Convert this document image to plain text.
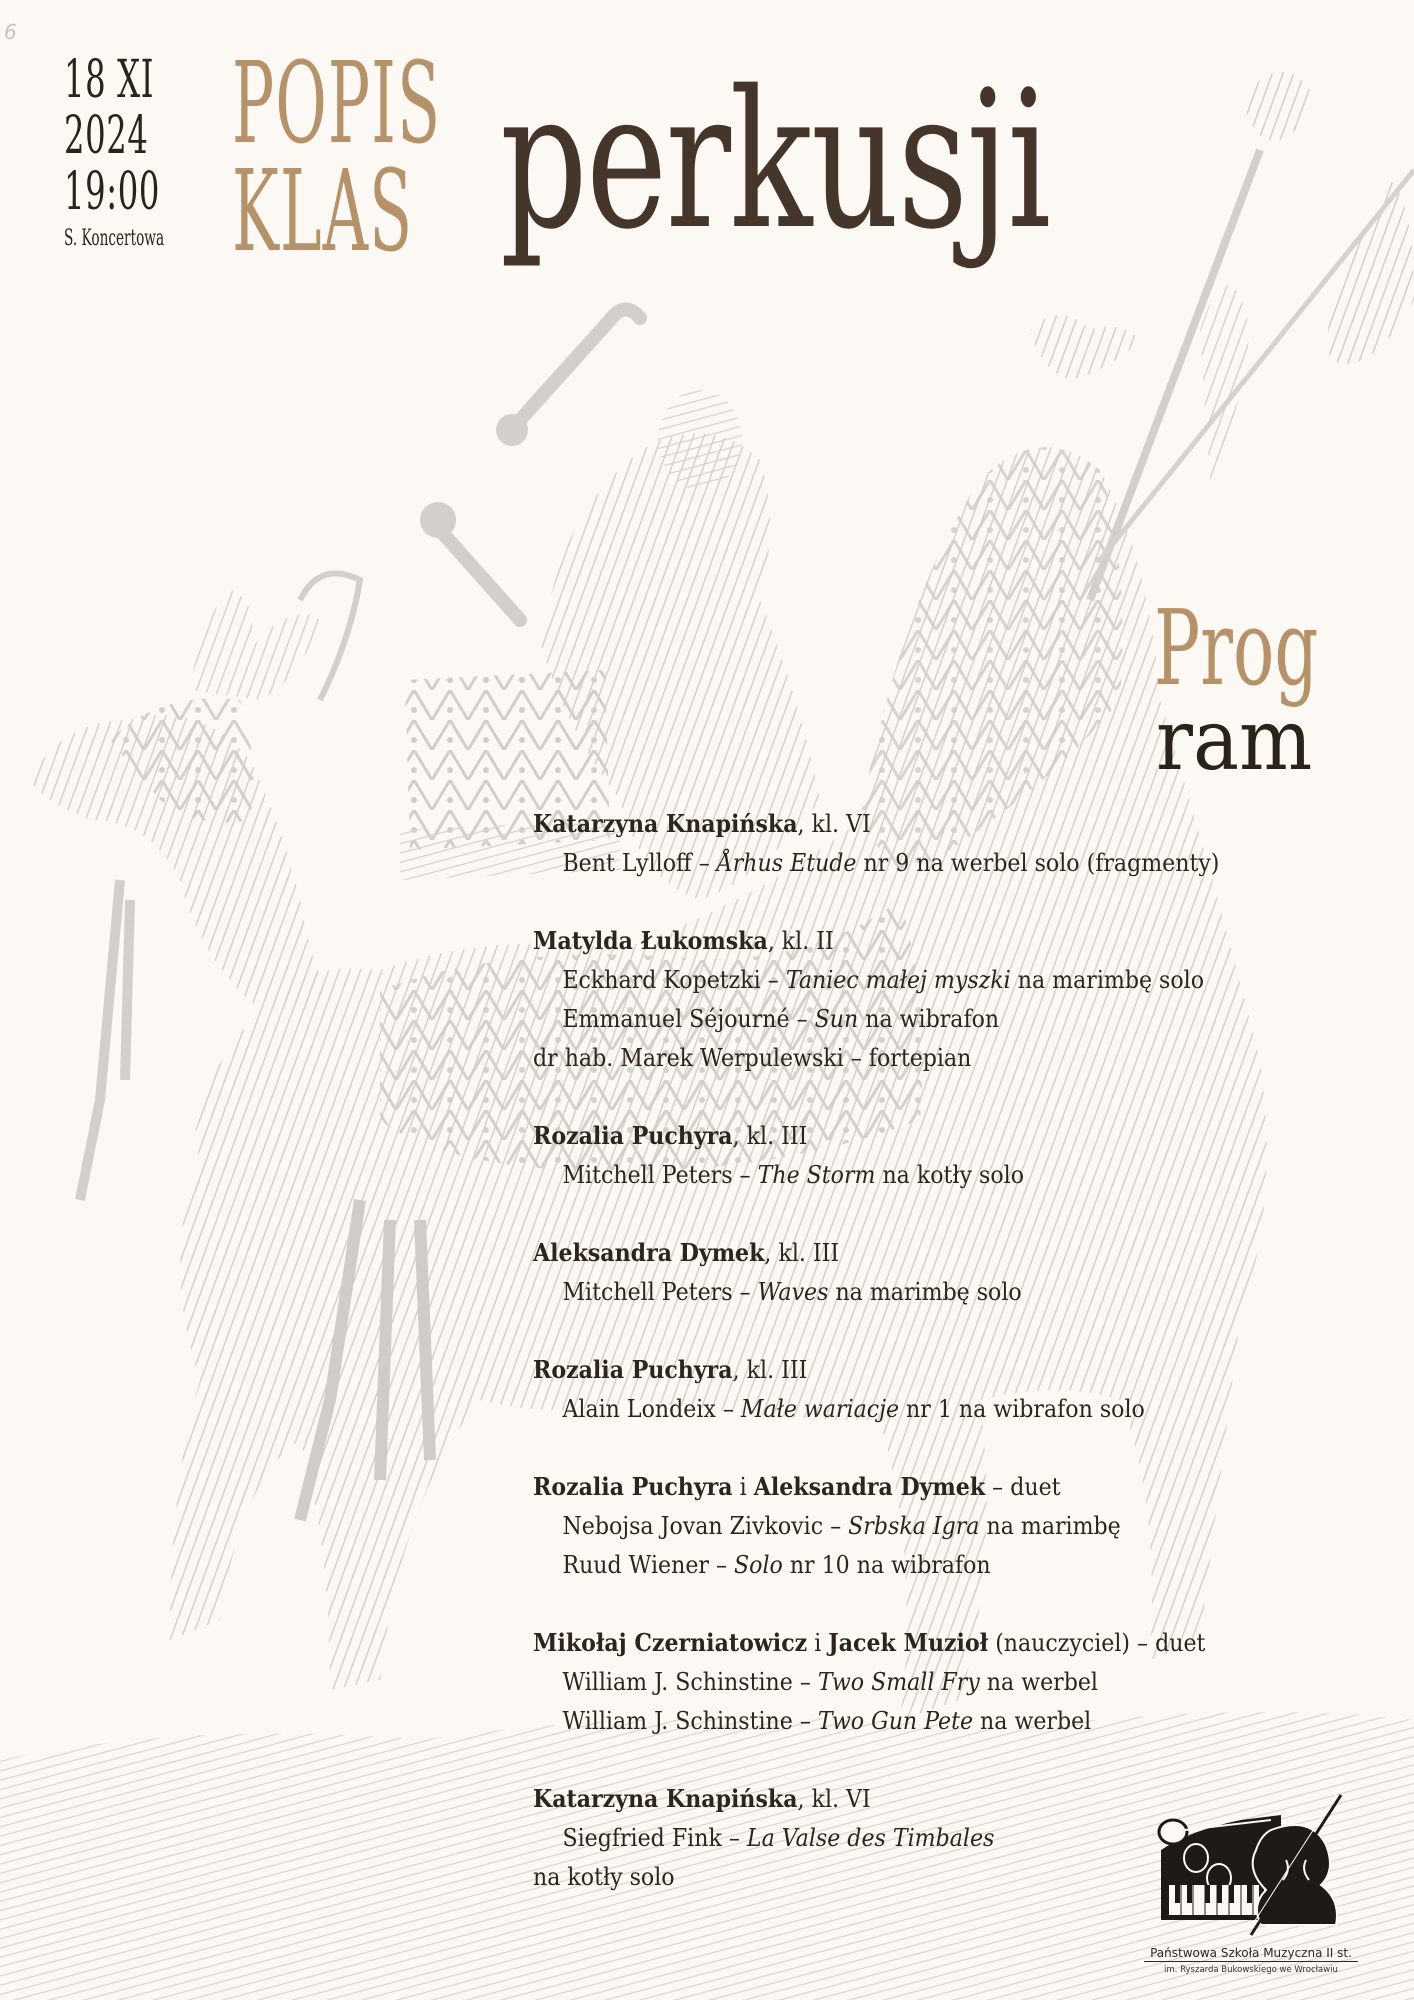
6
18 XI
2024
19:00
S. Koncertowa
POPIS
KLAS perkusji
Prog
ram
Katarzyna Knapińska, kl. VI
Bent Lylloff – Århus Etude nr 9 na werbel solo (fragmenty)
Matylda Łukomska, kl. II
Eckhard Kopetzki – Taniec małej myszki na marimbę solo
Emmanuel Séjourné – Sun na wibrafon
dr hab. Marek Werpulewski – fortepian
Rozalia Puchyra, kl. III
Mitchell Peters – The Storm na kotły solo
Aleksandra Dymek, kl. III
Mitchell Peters – Waves na marimbę solo
Rozalia Puchyra, kl. III
Alain Londeix – Małe wariacje nr 1 na wibrafon solo
Rozalia Puchyra i Aleksandra Dymek – duet
Nebojsa Jovan Zivkovic – Srbska Igra na marimbę
Ruud Wiener – Solo nr 10 na wibrafon
Mikołaj Czerniatowicz i Jacek Muzioł (nauczyciel) – duet
William J. Schinstine – Two Small Fry na werbel
William J. Schinstine – Two Gun Pete na werbel
Katarzyna Knapińska, kl. VI
Siegfried Fink – La Valse des Timbales
na kotły solo
Państwowa Szkoła Muzyczna II st.
im. Ryszarda Bukowskiego we Wrocławiu
